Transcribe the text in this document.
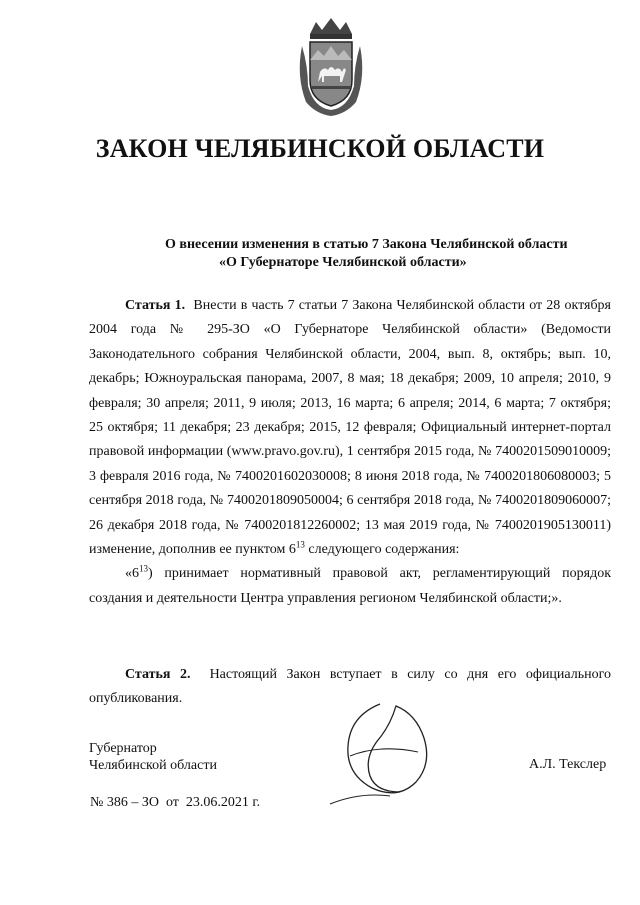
ЗАКОН ЧЕЛЯБИНСКОЙ ОБЛАСТИ
О внесении изменения в статью 7 Закона Челябинской области
«О Губернаторе Челябинской области»

Статья 1. Внести в часть 7 статьи 7 Закона Челябинской области от 28 октября 2004 года № 295-ЗО «О Губернаторе Челябинской области» (Ведомости Законодательного собрания Челябинской области, 2004, вып. 8, октябрь; вып. 10, декабрь; Южноуральская панорама, 2007, 8 мая; 18 декабря; 2009, 10 апреля; 2010, 9 февраля; 30 апреля; 2011, 9 июля; 2013, 16 марта; 6 апреля; 2014, 6 марта; 7 октября; 25 октября; 11 декабря; 23 декабря; 2015, 12 февраля; Официальный интернет-портал правовой информации (www.pravo.gov.ru), 1 сентября 2015 года, № 7400201509010009; 3 февраля 2016 года, № 7400201602030008; 8 июня 2018 года, № 7400201806080003; 5 сентября 2018 года, № 7400201809050004; 6 сентября 2018 года, № 7400201809060007; 26 декабря 2018 года, № 7400201812260002; 13 мая 2019 года, № 7400201905130011) изменение, дополнив ее пунктом $6^{13}$ следующего содержания:

«$6^{13}$) принимает нормативный правовой акт, регламентирующий порядок создания и деятельности Центра управления регионом Челябинской области;».

Статья 2. Настоящий Закон вступает в силу со дня его официального опубликования.

Губернатор
Челябинской области	А.Л. Текслер
№ 386 – ЗО от 23.06.2021 г.
